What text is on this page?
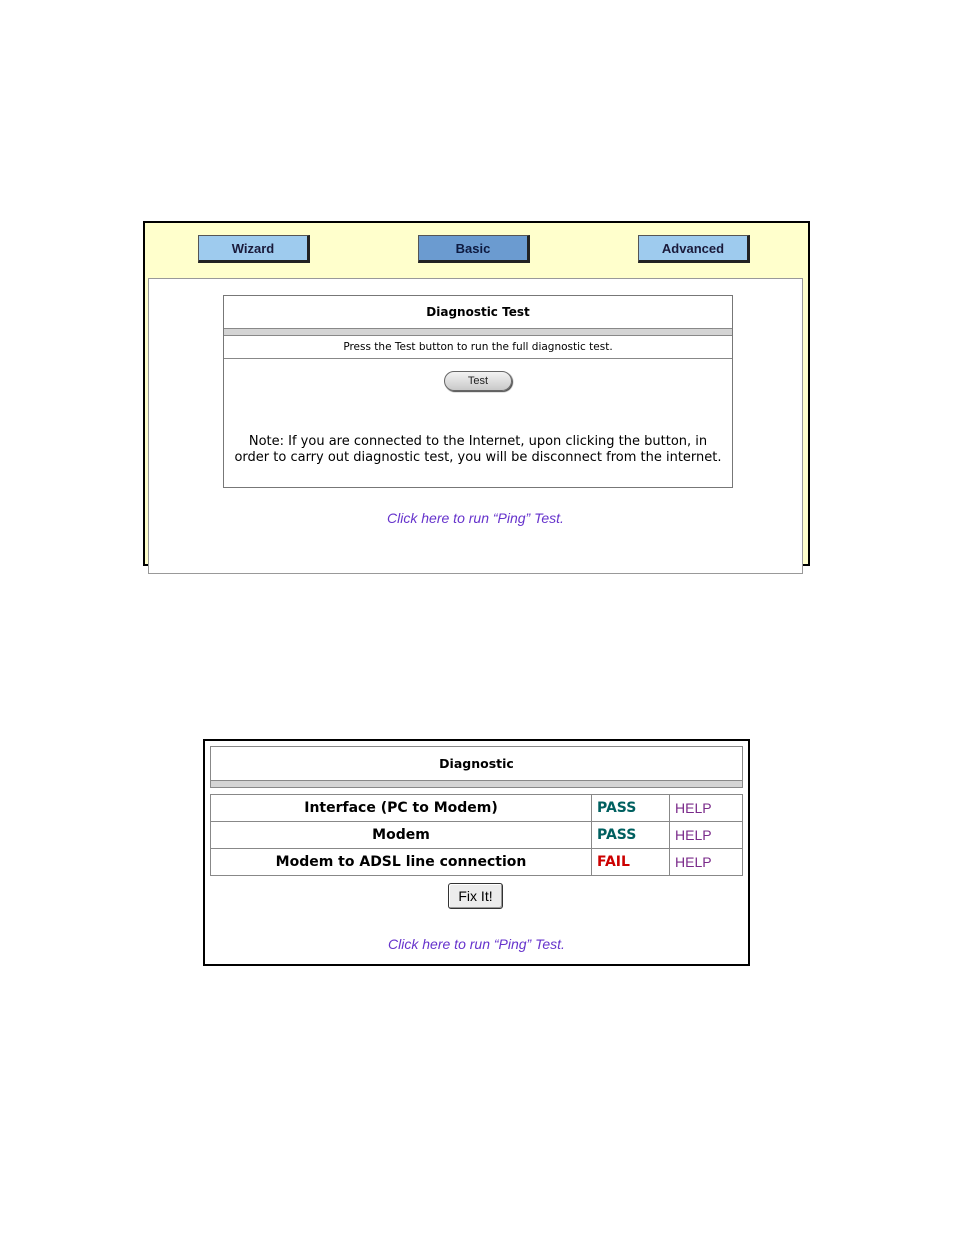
Wizard	Basic	Advanced
Diagnostic Test
Press the Test button to run the full diagnostic test.
Test
Note: If you are connected to the Internet, upon clicking the button, in order to carry out diagnostic test, you will be disconnect from the internet.
Click here to run “Ping” Test.
Diagnostic
Interface (PC to Modem)	PASS	HELP
Modem	PASS	HELP
Modem to ADSL line connection	FAIL	HELP
Fix It!
Click here to run “Ping” Test.
